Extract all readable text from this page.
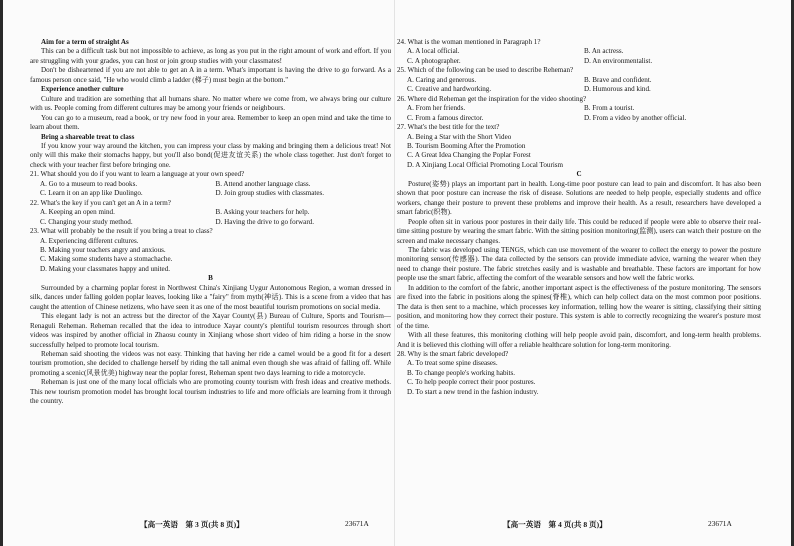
Aim for a term of straight As
This can be a difficult task but not impossible to achieve, as long as you put in the right amount of work and effort. If you are struggling with your grades, you can host or join group studies with your classmates!
Don't be disheartened if you are not able to get an A in a term. What's important is having the drive to go forward. As a famous person once said, "He who would climb a ladder (梯子) must begin at the bottom."
Experience another culture
Culture and tradition are something that all humans share. No matter where we come from, we always bring our culture with us. People coming from different cultures may be among your friends or neighbours.
You can go to a museum, read a book, or try new food in your area. Remember to keep an open mind and take the time to learn about them.
Bring a shareable treat to class
If you know your way around the kitchen, you can impress your class by making and bringing them a delicious treat! Not only will this make their stomachs happy, but you'll also bond(促进友谊关系) the whole class together. Just don't forget to check with your teacher first before bringing one.
21. What should you do if you want to learn a language at your own speed?
A. Go to a museum to read books.	B. Attend another language class.
C. Learn it on an app like Duolingo.	D. Join group studies with classmates.
22. What's the key if you can't get an A in a term?
A. Keeping an open mind.	B. Asking your teachers for help.
C. Changing your study method.	D. Having the drive to go forward.
23. What will probably be the result if you bring a treat to class?
A. Experiencing different cultures.
B. Making your teachers angry and anxious.
C. Making some students have a stomachache.
D. Making your classmates happy and united.
B
Surrounded by a charming poplar forest in Northwest China's Xinjiang Uygur Autonomous Region, a woman dressed in silk, dances under falling golden poplar leaves, looking like a "fairy" from myth(神话). This is a scene from a video that has caught the attention of Chinese netizens, who have seen it as one of the most beautiful tourism promotions on social media.
This elegant lady is not an actress but the director of the Xayar County(县) Bureau of Culture, Sports and Tourism—Renaguli Reheman. Reheman recalled that the idea to introduce Xayar county's plentiful tourism resources through short videos was inspired by another official in Zhaosu county in Xinjiang whose short video of him riding a horse in the snow successfully helped to promote local tourism.
Reheman said shooting the videos was not easy. Thinking that having her ride a camel would be a good fit for a desert tourism promotion, she decided to challenge herself by riding the tall animal even though she was afraid of falling off. While promoting a scenic(风景优美) highway near the poplar forest, Reheman spent two days learning to ride a motorcycle.
Reheman is just one of the many local officials who are promoting county tourism with fresh ideas and creative methods. This new tourism promotion model has brought local tourism industries to life and more officials are learning from it through the country.
24. What is the woman mentioned in Paragraph 1?
A. A local official.	B. An actress.
C. A photographer.	D. An environmentalist.
25. Which of the following can be used to describe Reheman?
A. Caring and generous.	B. Brave and confident.
C. Creative and hardworking.	D. Humorous and kind.
26. Where did Reheman get the inspiration for the video shooting?
A. From her friends.	B. From a tourist.
C. From a famous director.	D. From a video by another official.
27. What's the best title for the text?
A. Being a Star with the Short Video
B. Tourism Booming After the Promotion
C. A Great Idea Changing the Poplar Forest
D. A Xinjiang Local Official Promoting Local Tourism
C
Posture(姿势) plays an important part in health. Long-time poor posture can lead to pain and discomfort. It has also been shown that poor posture can increase the risk of disease. Solutions are needed to help people, especially students and office workers, change their posture to prevent these problems and improve their health. As a result, researchers have developed a smart fabric(织物).
People often sit in various poor postures in their daily life. This could be reduced if people were able to observe their real-time sitting posture by wearing the smart fabric. With the sitting position monitoring(监测), users can watch their posture on the screen and make necessary changes.
The fabric was developed using TENGS, which can use movement of the wearer to collect the energy to power the posture monitoring sensor(传感器). The data collected by the sensors can provide immediate advice, warning the wearer when they need to change their posture. The fabric stretches easily and is washable and breathable. These factors are important for how people use the smart fabric, affecting the comfort of the wearable sensors and how well the fabric works.
In addition to the comfort of the fabric, another important aspect is the effectiveness of the posture monitoring. The sensors are fixed into the fabric in positions along the spines(脊椎), which can help collect data on the most common poor positions. The data is then sent to a machine, which processes key information, telling how the wearer is sitting, classifying their sitting position, and monitoring how they correct their posture. This system is able to correctly recognizing the wearer's posture most of the time.
With all these features, this monitoring clothing will help people avoid pain, discomfort, and long-term health problems. And it is believed this clothing will offer a reliable healthcare solution for long-term monitoring.
28. Why is the smart fabric developed?
A. To treat some spine diseases.
B. To change people's working habits.
C. To help people correct their poor postures.
D. To start a new trend in the fashion industry.
【高一英语　第 3 页(共 8 页)】	23671A	【高一英语　第 4 页(共 8 页)】	23671A
